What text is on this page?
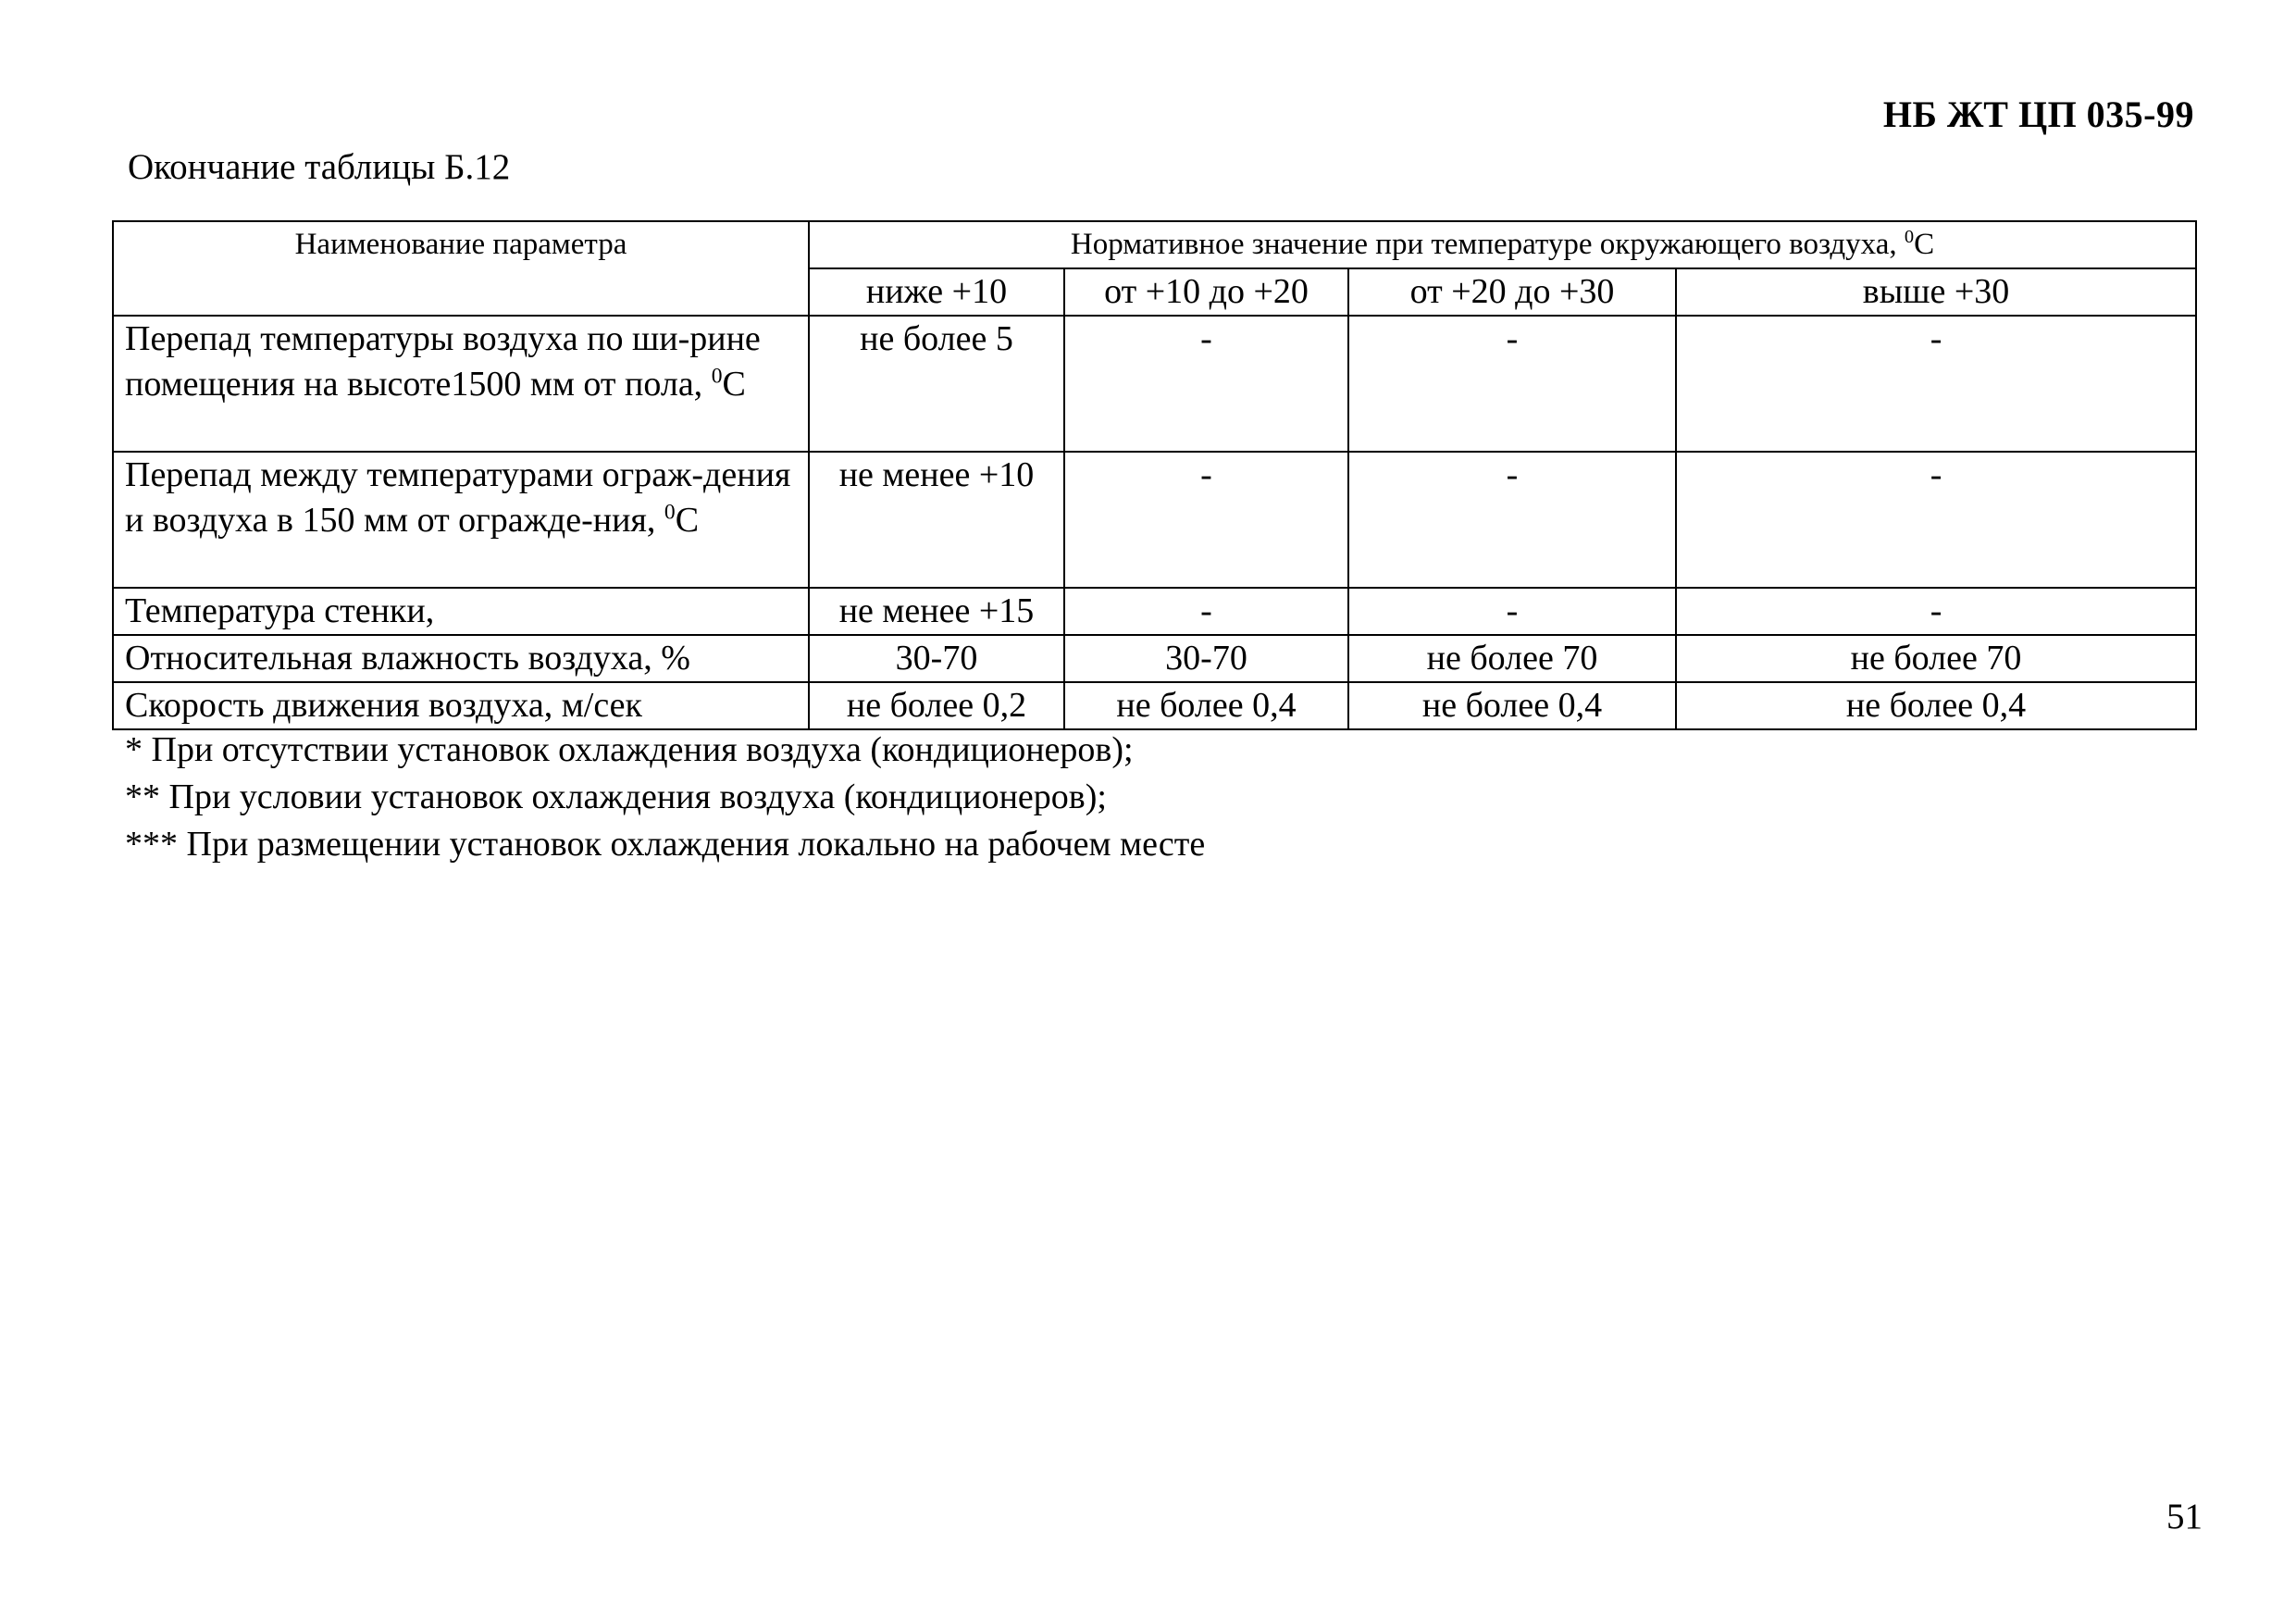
НБ ЖТ ЦП 035-99
Окончание таблицы Б.12
Наименование параметра	Нормативное значение при температуре окружающего воздуха, $^0$С			
	ниже +10	от +10 до +20	от +20 до +30	выше +30
Перепад температуры воздуха по ши-рине помещения на высоте1500 мм от пола, $^0$С	не более 5	-	-	-
Перепад между температурами ограж-дения и воздуха в 150 мм от огражде-ния, $^0$С	не менее +10	-	-	-
Температура стенки,	не менее +15	-	-	-
Относительная влажность воздуха, %	30-70	30-70	не более 70	не более 70
Скорость движения воздуха, м/сек	не более 0,2	не более 0,4	не более 0,4	не более 0,4
* При отсутствии установок охлаждения воздуха (кондиционеров);
** При условии установок охлаждения воздуха (кондиционеров);
*** При размещении установок охлаждения локально на рабочем месте
51
